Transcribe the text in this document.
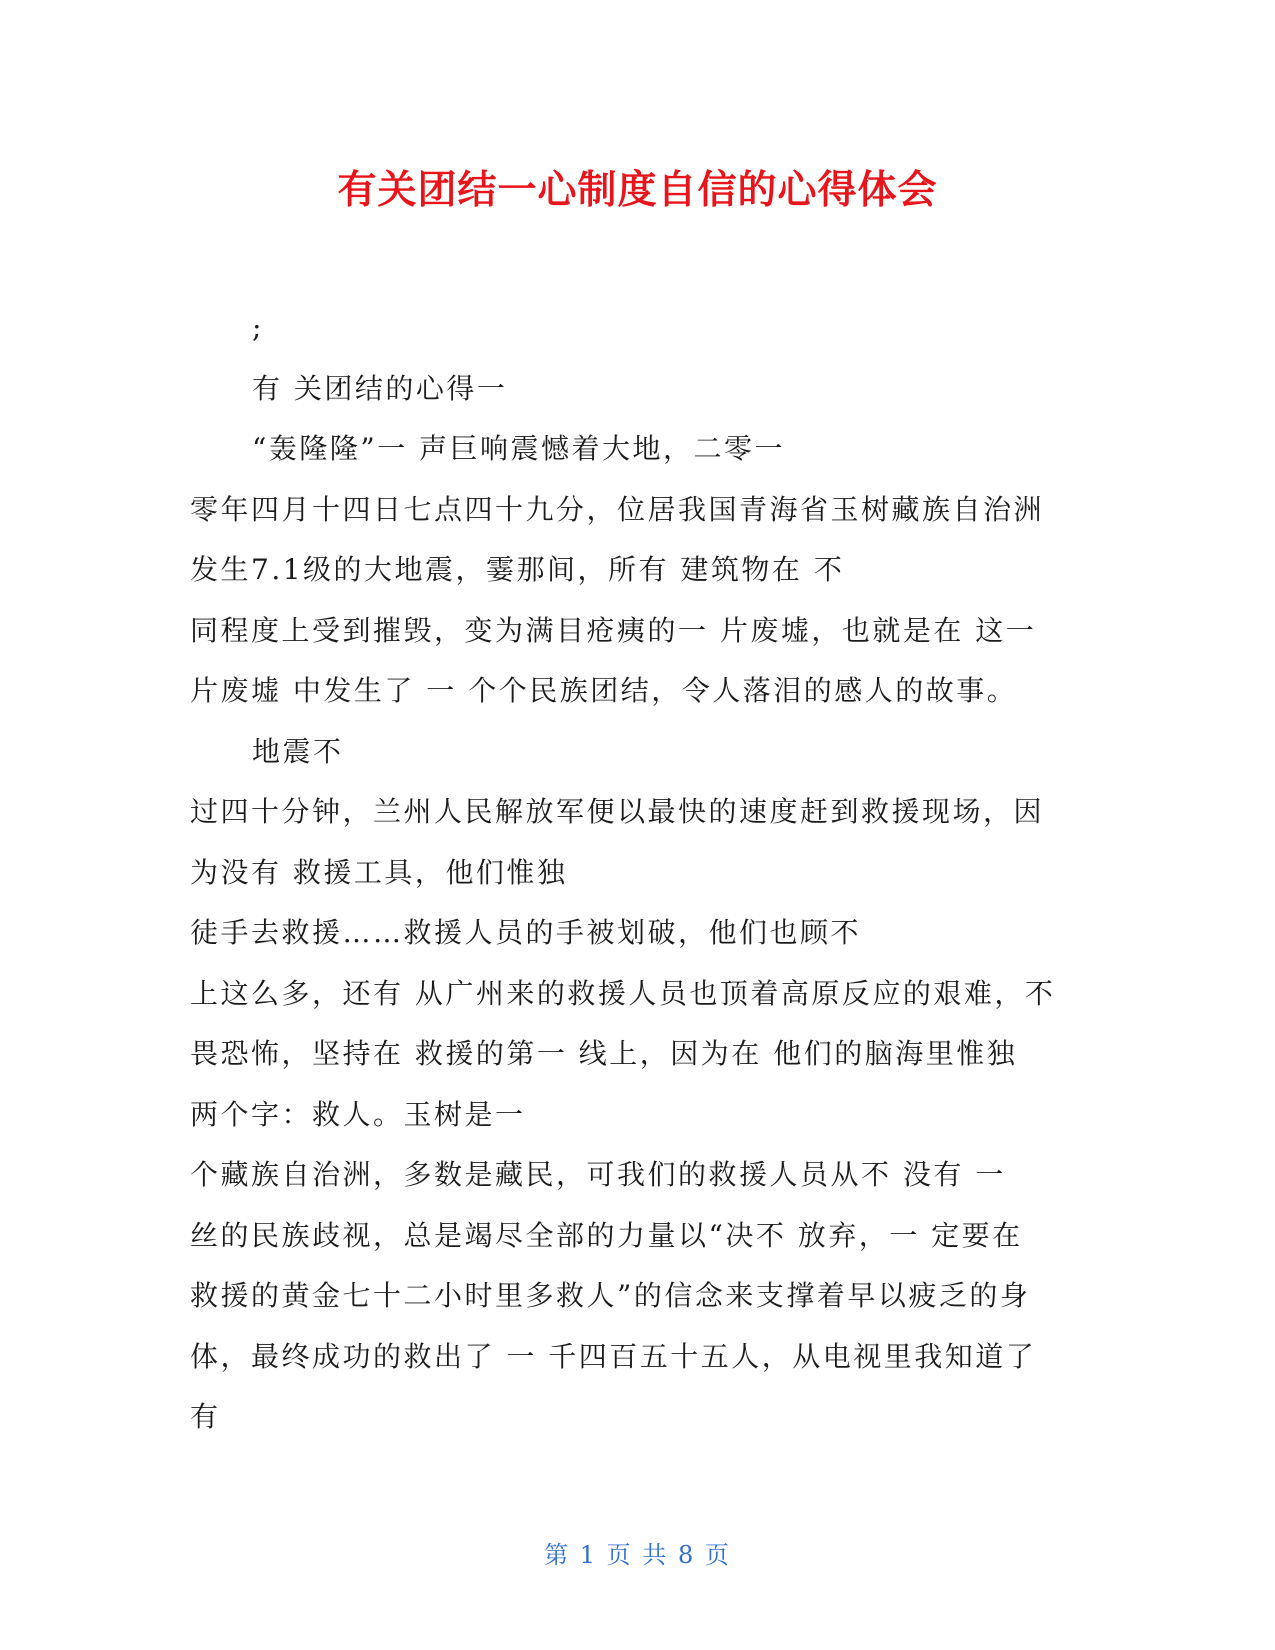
有关团结一心制度自信的心得体会
;
有 关团结的心得一
“轰隆隆”一 声巨响震憾着大地，二零一
零年四月十四日七点四十九分，位居我国青海省玉树藏族自治洲
发生7.1级的大地震，霎那间，所有 建筑物在 不
同程度上受到摧毁，变为满目疮痍的一 片废墟，也就是在 这一
片废墟 中发生了 一 个个民族团结，令人落泪的感人的故事。
地震不
过四十分钟，兰州人民解放军便以最快的速度赶到救援现场，因
为没有 救援工具，他们惟独
徒手去救援……救援人员的手被划破，他们也顾不
上这么多，还有 从广州来的救援人员也顶着高原反应的艰难，不
畏恐怖，坚持在 救援的第一 线上，因为在 他们的脑海里惟独
两个字：救人。玉树是一
个藏族自治洲，多数是藏民，可我们的救援人员从不 没有 一
丝的民族歧视，总是竭尽全部的力量以“决不 放弃，一 定要在
救援的黄金七十二小时里多救人”的信念来支撑着早以疲乏的身
体，最终成功的救出了 一 千四百五十五人，从电视里我知道了
有
第 1 页 共 8 页
